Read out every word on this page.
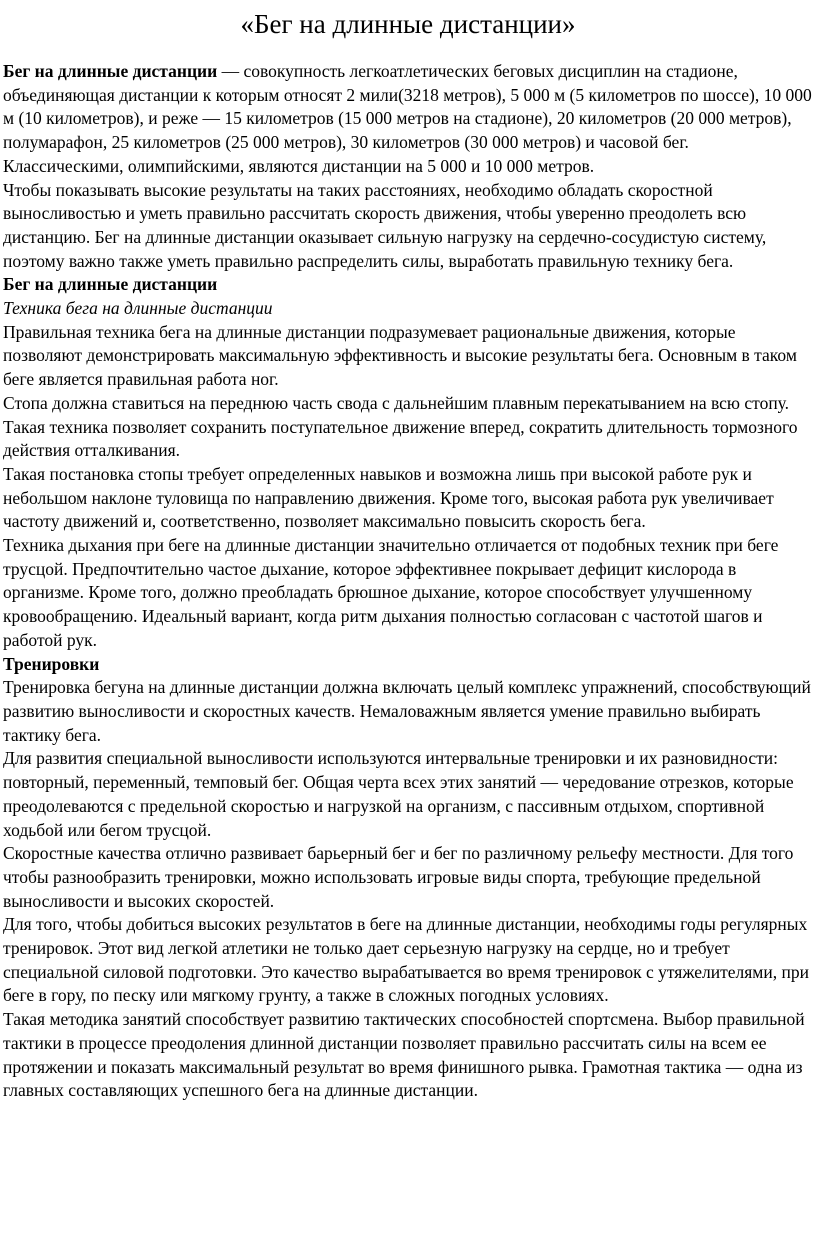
«Бег на длинные дистанции»

Бег на длинные дистанции — совокупность легкоатлетических беговых дисциплин на стадионе, объединяющая дистанции к которым относят 2 мили(3218 метров), 5 000 м (5 километров по шоссе), 10 000 м (10 километров), и реже — 15 километров (15 000 метров на стадионе), 20 километров (20 000 метров), полумарафон, 25 километров (25 000 метров), 30 километров (30 000 метров) и часовой бег. Классическими, олимпийскими, являются дистанции на 5 000 и 10 000 метров.

Чтобы показывать высокие результаты на таких расстояниях, необходимо обладать скоростной выносливостью и уметь правильно рассчитать скорость движения, чтобы уверенно преодолеть всю дистанцию. Бег на длинные дистанции оказывает сильную нагрузку на сердечно-сосудистую систему, поэтому важно также уметь правильно распределить силы, выработать правильную технику бега.

Бег на длинные дистанции

Техника бега на длинные дистанции

Правильная техника бега на длинные дистанции подразумевает рациональные движения, которые позволяют демонстрировать максимальную эффективность и высокие результаты бега. Основным в таком беге является правильная работа ног.

Стопа должна ставиться на переднюю часть свода с дальнейшим плавным перекатыванием на всю стопу. Такая техника позволяет сохранить поступательное движение вперед, сократить длительность тормозного действия отталкивания.

Такая постановка стопы требует определенных навыков и возможна лишь при высокой работе рук и небольшом наклоне туловища по направлению движения. Кроме того, высокая работа рук увеличивает частоту движений и, соответственно, позволяет максимально повысить скорость бега.

Техника дыхания при беге на длинные дистанции значительно отличается от подобных техник при беге трусцой. Предпочтительно частое дыхание, которое эффективнее покрывает дефицит кислорода в организме. Кроме того, должно преобладать брюшное дыхание, которое способствует улучшенному кровообращению. Идеальный вариант, когда ритм дыхания полностью согласован с частотой шагов и работой рук.

Тренировки

Тренировка бегуна на длинные дистанции должна включать целый комплекс упражнений, способствующий развитию выносливости и скоростных качеств. Немаловажным является умение правильно выбирать тактику бега.

Для развития специальной выносливости используются интервальные тренировки и их разновидности: повторный, переменный, темповый бег. Общая черта всех этих занятий — чередование отрезков, которые преодолеваются с предельной скоростью и нагрузкой на организм, с пассивным отдыхом, спортивной ходьбой или бегом трусцой.

Скоростные качества отлично развивает барьерный бег и бег по различному рельефу местности. Для того чтобы разнообразить тренировки, можно использовать игровые виды спорта, требующие предельной выносливости и высоких скоростей.

Для того, чтобы добиться высоких результатов в беге на длинные дистанции, необходимы годы регулярных тренировок. Этот вид легкой атлетики не только дает серьезную нагрузку на сердце, но и требует специальной силовой подготовки. Это качество вырабатывается во время тренировок с утяжелителями, при беге в гору, по песку или мягкому грунту, а также в сложных погодных условиях.

Такая методика занятий способствует развитию тактических способностей спортсмена. Выбор правильной тактики в процессе преодоления длинной дистанции позволяет правильно рассчитать силы на всем ее протяжении и показать максимальный результат во время финишного рывка. Грамотная тактика — одна из главных составляющих успешного бега на длинные дистанции.
